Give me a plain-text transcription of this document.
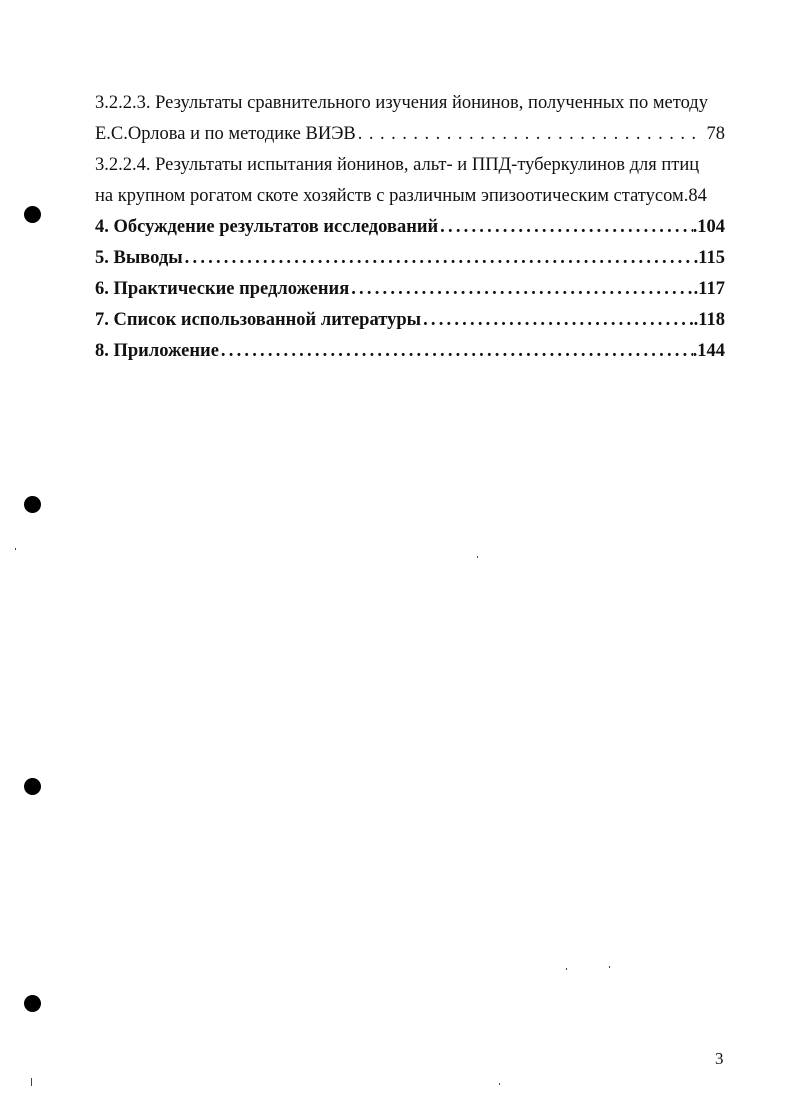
3.2.2.3. Результаты сравнительного изучения йонинов, полученных по методу
Е.С.Орлова и по методике ВИЭВ .....	78
3.2.2.4. Результаты испытания йонинов, альт- и ППД-туберкулинов для птиц
на крупном рогатом скоте хозяйств с различным эпизоотическим статусом.84
4. Обсуждение результатов исследований .....	.104
5. Выводы .....	.115
6. Практические предложения .....	.117
7. Список использованной литературы .....	.118
8. Приложение .....	.144
3
